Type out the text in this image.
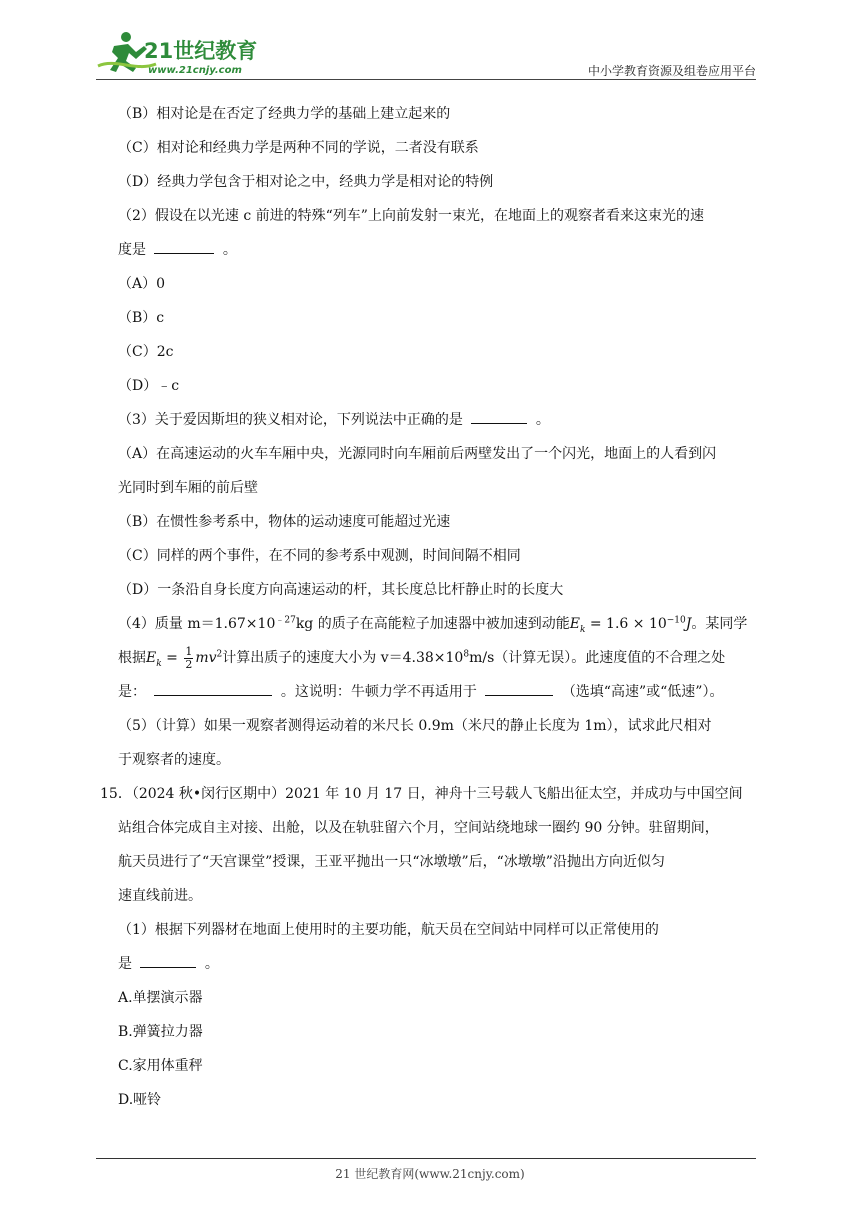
21世纪教育
www.21cnjy.com	中小学教育资源及组卷应用平台
（B）相对论是在否定了经典力学的基础上建立起来的
（C）相对论和经典力学是两种不同的学说，二者没有联系
（D）经典力学包含于相对论之中，经典力学是相对论的特例
（2）假设在以光速 c 前进的特殊“列车”上向前发射一束光，在地面上的观察者看来这束光的速
度是	。
（A）0
（B）c
（C）2c
（D）﹣c
（3）关于爱因斯坦的狭义相对论，下列说法中正确的是	。
（A）在高速运动的火车车厢中央，光源同时向车厢前后两壁发出了一个闪光，地面上的人看到闪
光同时到车厢的前后壁
（B）在惯性参考系中，物体的运动速度可能超过光速
（C）同样的两个事件，在不同的参考系中观测，时间间隔不相同
（D）一条沿自身长度方向高速运动的杆，其长度总比杆静止时的长度大
（4）质量 $m=1.67\times 10^{﹣27}kg$ 的质子在高能粒子加速器中被加速到动能$E_k = 1.6 \times 10^{-10}J$。某同学
根据$E_k = \frac{1}{2} mv^2$计算出质子的速度大小为 $v=4.38\times 10^8m/s$（计算无误）。此速度值的不合理之处
是：	。这说明：牛顿力学不再适用于	（选填“高速”或“低速”）。
（5）（计算）如果一观察者测得运动着的米尺长 0.9m（米尺的静止长度为 1m），试求此尺相对
于观察者的速度。
15．（2024 秋•闵行区期中）2021 年 10 月 17 日，神舟十三号载人飞船出征太空，并成功与中国空间
站组合体完成自主对接、出舱，以及在轨驻留六个月，空间站绕地球一圈约 90 分钟。驻留期间，
航天员进行了“天宫课堂”授课，王亚平抛出一只“冰墩墩”后，“冰墩墩”沿抛出方向近似匀
速直线前进。
（1）根据下列器材在地面上使用时的主要功能，航天员在空间站中同样可以正常使用的
是	。
A.单摆演示器
B.弹簧拉力器
C.家用体重秤
D.哑铃
21 世纪教育网(www.21cnjy.com)
